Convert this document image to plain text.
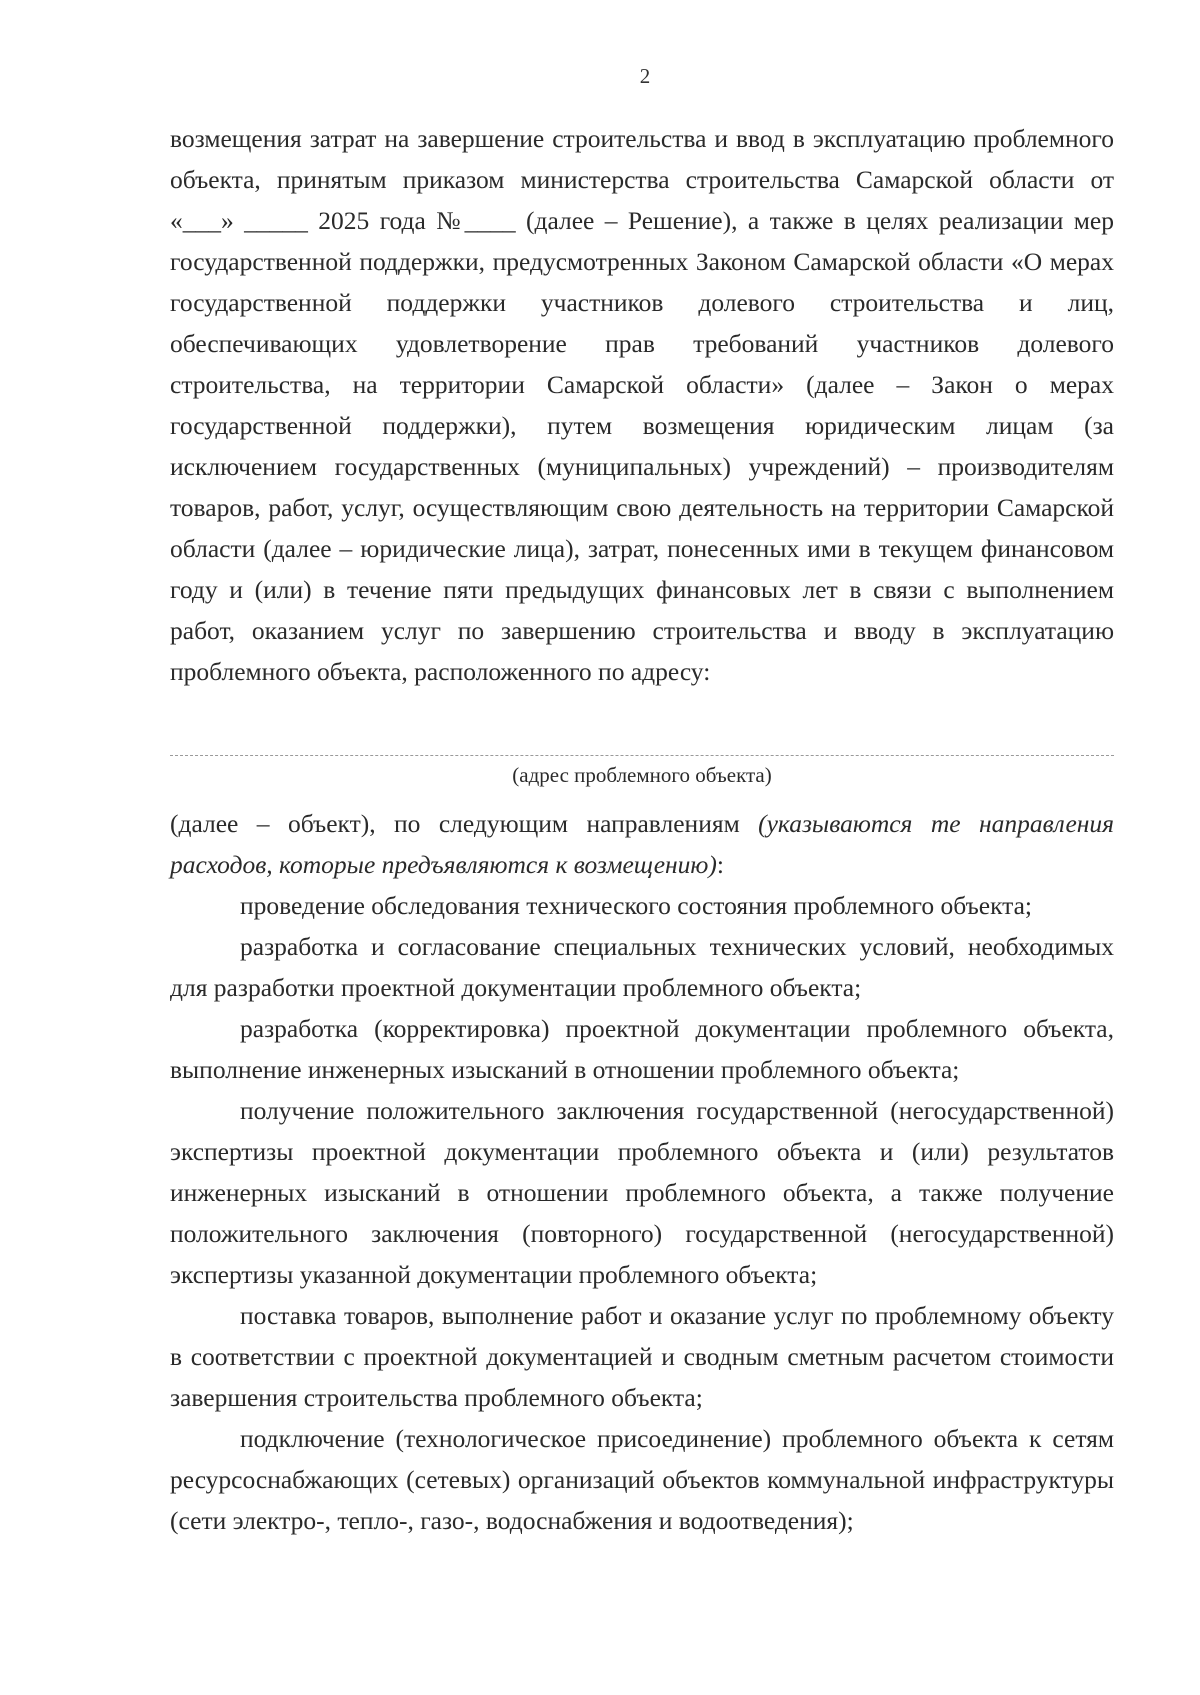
2
возмещения затрат на завершение строительства и ввод в эксплуатацию проблемного объекта, принятым приказом министерства строительства Самарской области от «___» _____ 2025 года №____ (далее – Решение), а также в целях реализации мер государственной поддержки, предусмотренных Законом Самарской области «О мерах государственной поддержки участников долевого строительства и лиц, обеспечивающих удовлетворение прав требований участников долевого строительства, на территории Самарской области» (далее – Закон о мерах государственной поддержки), путем возмещения юридическим лицам (за исключением государственных (муниципальных) учреждений) – производителям товаров, работ, услуг, осуществляющим свою деятельность на территории Самарской области (далее – юридические лица), затрат, понесенных ими в текущем финансовом году и (или) в течение пяти предыдущих финансовых лет в связи с выполнением работ, оказанием услуг по завершению строительства и вводу в эксплуатацию проблемного объекта, расположенного по адресу:
(адрес проблемного объекта)

(далее – объект), по следующим направлениям (указываются те направления расходов, которые предъявляются к возмещению):

проведение обследования технического состояния проблемного объекта;

разработка и согласование специальных технических условий, необходимых для разработки проектной документации проблемного объекта;

разработка (корректировка) проектной документации проблемного объекта, выполнение инженерных изысканий в отношении проблемного объекта;

получение положительного заключения государственной (негосударственной) экспертизы проектной документации проблемного объекта и (или) результатов инженерных изысканий в отношении проблемного объекта, а также получение положительного заключения (повторного) государственной (негосударственной) экспертизы указанной документации проблемного объекта;

поставка товаров, выполнение работ и оказание услуг по проблемному объекту в соответствии с проектной документацией и сводным сметным расчетом стоимости завершения строительства проблемного объекта;

подключение (технологическое присоединение) проблемного объекта к сетям ресурсоснабжающих (сетевых) организаций объектов коммунальной инфраструктуры (сети электро-, тепло-, газо-, водоснабжения и водоотведения);
